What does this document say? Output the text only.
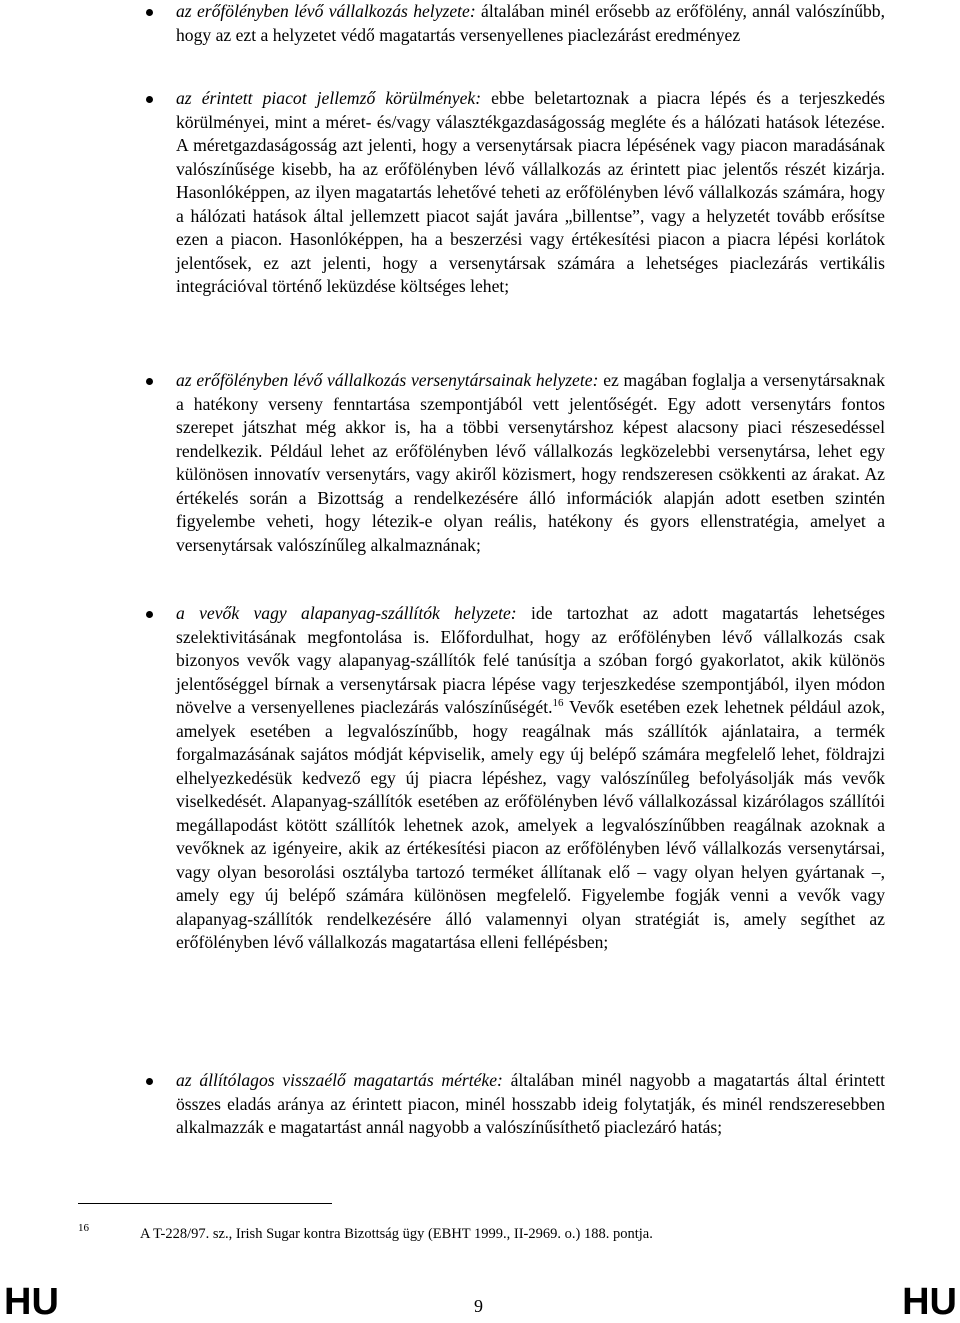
az erőfölényben lévő vállalkozás helyzete: általában minél erősebb az erőfölény, annál valószínűbb, hogy az ezt a helyzetet védő magatartás versenyellenes piaclezárást eredményez
az érintett piacot jellemző körülmények: ebbe beletartoznak a piacra lépés és a terjeszkedés körülményei, mint a méret- és/vagy választékgazdaságosság megléte és a hálózati hatások létezése. A méretgazdaságosság azt jelenti, hogy a versenytársak piacra lépésének vagy piacon maradásának valószínűsége kisebb, ha az erőfölényben lévő vállalkozás az érintett piac jelentős részét kizárja. Hasonlóképpen, az ilyen magatartás lehetővé teheti az erőfölényben lévő vállalkozás számára, hogy a hálózati hatások által jellemzett piacot saját javára „billentse”, vagy a helyzetét tovább erősítse ezen a piacon. Hasonlóképpen, ha a beszerzési vagy értékesítési piacon a piacra lépési korlátok jelentősek, ez azt jelenti, hogy a versenytársak számára a lehetséges piaclezárás vertikális integrációval történő leküzdése költséges lehet;
az erőfölényben lévő vállalkozás versenytársainak helyzete: ez magában foglalja a versenytársaknak a hatékony verseny fenntartása szempontjából vett jelentőségét. Egy adott versenytárs fontos szerepet játszhat még akkor is, ha a többi versenytárshoz képest alacsony piaci részesedéssel rendelkezik. Például lehet az erőfölényben lévő vállalkozás legközelebbi versenytársa, lehet egy különösen innovatív versenytárs, vagy akiről közismert, hogy rendszeresen csökkenti az árakat. Az értékelés során a Bizottság a rendelkezésére álló információk alapján adott esetben szintén figyelembe veheti, hogy létezik-e olyan reális, hatékony és gyors ellenstratégia, amelyet a versenytársak valószínűleg alkalmaznának;
a vevők vagy alapanyag-szállítók helyzete: ide tartozhat az adott magatartás lehetséges szelektivitásának megfontolása is. Előfordulhat, hogy az erőfölényben lévő vállalkozás csak bizonyos vevők vagy alapanyag-szállítók felé tanúsítja a szóban forgó gyakorlatot, akik különös jelentőséggel bírnak a versenytársak piacra lépése vagy terjeszkedése szempontjából, ilyen módon növelve a versenyellenes piaclezárás valószínűségét.$^{16}$ Vevők esetében ezek lehetnek például azok, amelyek esetében a legvalószínűbb, hogy reagálnak más szállítók ajánlataira, a termék forgalmazásának sajátos módját képviselik, amely egy új belépő számára megfelelő lehet, földrajzi elhelyezkedésük kedvező egy új piacra lépéshez, vagy valószínűleg befolyásolják más vevők viselkedését. Alapanyag-szállítók esetében az erőfölényben lévő vállalkozással kizárólagos szállítói megállapodást kötött szállítók lehetnek azok, amelyek a legvalószínűbben reagálnak azoknak a vevőknek az igényeire, akik az értékesítési piacon az erőfölényben lévő vállalkozás versenytársai, vagy olyan besorolási osztályba tartozó terméket állítanak elő – vagy olyan helyen gyártanak –, amely egy új belépő számára különösen megfelelő. Figyelembe fogják venni a vevők vagy alapanyag-szállítók rendelkezésére álló valamennyi olyan stratégiát is, amely segíthet az erőfölényben lévő vállalkozás magatartása elleni fellépésben;
az állítólagos visszaélő magatartás mértéke: általában minél nagyobb a magatartás által érintett összes eladás aránya az érintett piacon, minél hosszabb ideig folytatják, és minél rendszeresebben alkalmazzák e magatartást annál nagyobb a valószínűsíthető piaclezáró hatás;
16	A T-228/97. sz., Irish Sugar kontra Bizottság ügy (EBHT 1999., II-2969. o.) 188. pontja.
HU	9	HU
